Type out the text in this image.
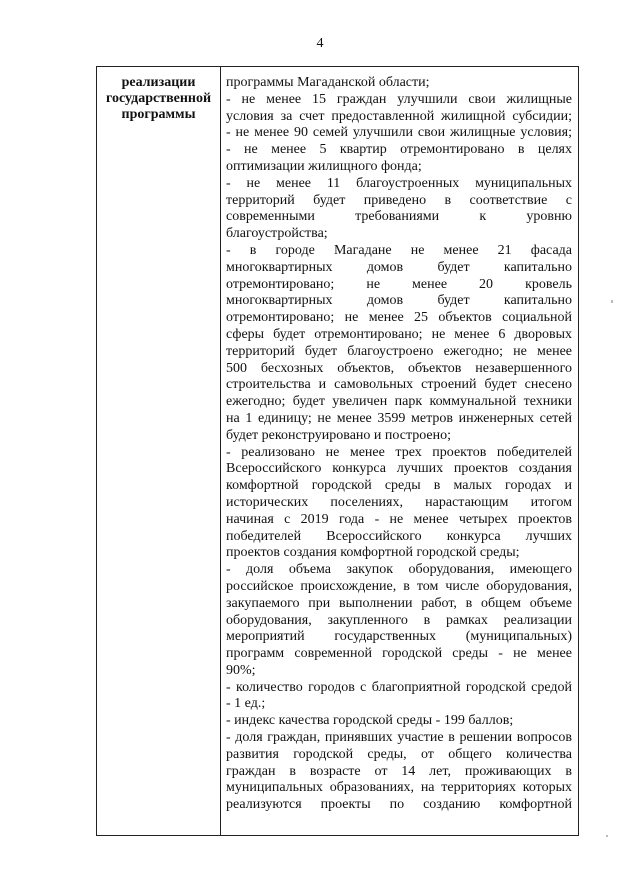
4
реализации
государственной
программы
программы Магаданской области;
- не менее 15 граждан улучшили свои жилищные
условия за счет предоставленной жилищной субсидии;
- не менее 90 семей улучшили свои жилищные условия;
- не менее 5 квартир отремонтировано в целях
оптимизации жилищного фонда;
- не менее 11 благоустроенных муниципальных
территорий будет приведено в соответствие с
современными требованиями к уровню
благоустройства;
- в городе Магадане не менее 21 фасада
многоквартирных домов будет капитально
отремонтировано; не менее 20 кровель
многоквартирных домов будет капитально
отремонтировано; не менее 25 объектов социальной
сферы будет отремонтировано; не менее 6 дворовых
территорий будет благоустроено ежегодно; не менее
500 бесхозных объектов, объектов незавершенного
строительства и самовольных строений будет снесено
ежегодно; будет увеличен парк коммунальной техники
на 1 единицу; не менее 3599 метров инженерных сетей
будет реконструировано и построено;
- реализовано не менее трех проектов победителей
Всероссийского конкурса лучших проектов создания
комфортной городской среды в малых городах и
исторических поселениях, нарастающим итогом
начиная с 2019 года - не менее четырех проектов
победителей Всероссийского конкурса лучших
проектов создания комфортной городской среды;
- доля объема закупок оборудования, имеющего
российское происхождение, в том числе оборудования,
закупаемого при выполнении работ, в общем объеме
оборудования, закупленного в рамках реализации
мероприятий государственных (муниципальных)
программ современной городской среды - не менее
90%;
- количество городов с благоприятной городской средой
- 1 ед.;
- индекс качества городской среды - 199 баллов;
- доля граждан, принявших участие в решении вопросов
развития городской среды, от общего количества
граждан в возрасте от 14 лет, проживающих в
муниципальных образованиях, на территориях которых
реализуются проекты по созданию комфортной
